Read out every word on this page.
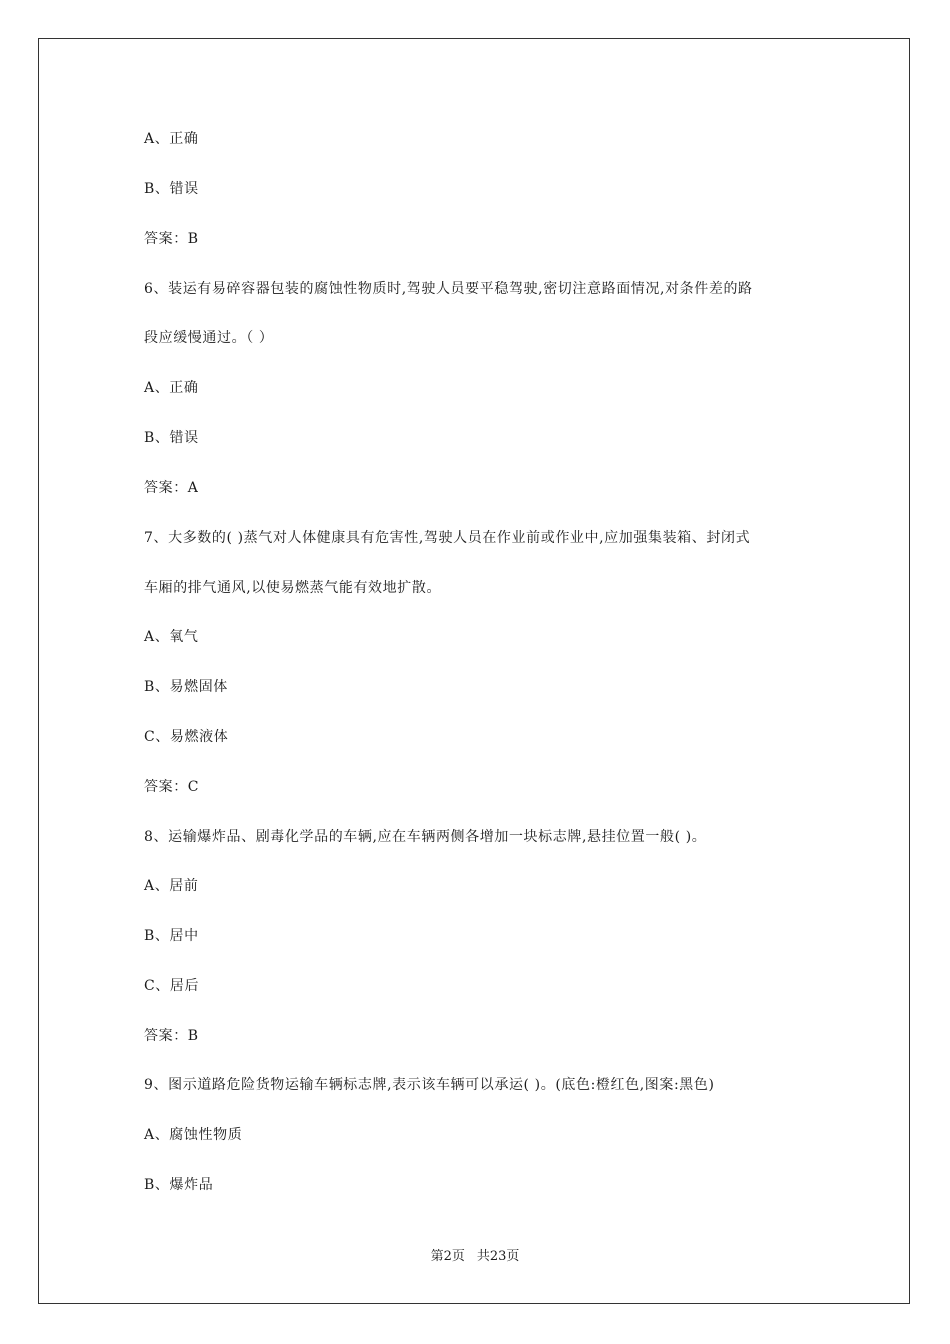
A、正确
B、错误
答案：B
6、装运有易碎容器包装的腐蚀性物质时,驾驶人员要平稳驾驶,密切注意路面情况,对条件差的路
段应缓慢通过。（ ）
A、正确
B、错误
答案：A
7、大多数的( )蒸气对人体健康具有危害性,驾驶人员在作业前或作业中,应加强集装箱、封闭式
车厢的排气通风,以使易燃蒸气能有效地扩散。
A、氧气
B、易燃固体
C、易燃液体
答案：C
8、运输爆炸品、剧毒化学品的车辆,应在车辆两侧各增加一块标志牌,悬挂位置一般( )。
A、居前
B、居中
C、居后
答案：B
9、图示道路危险货物运输车辆标志牌,表示该车辆可以承运( )。(底色:橙红色,图案:黑色)
A、腐蚀性物质
B、爆炸品
第2页 共23页
